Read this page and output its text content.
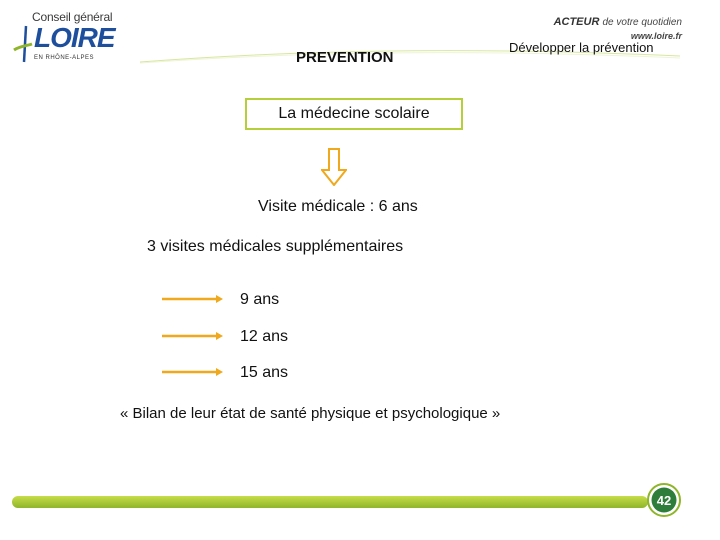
Conseil général
LOIRE
EN RHÔNE-ALPES
ACTEUR de votre quotidien
www.loire.fr
PREVENTION
Développer la prévention
La médecine scolaire
Visite médicale : 6 ans
3 visites médicales supplémentaires
9 ans
12 ans
15 ans
« Bilan de leur état de santé physique et psychologique »
42
